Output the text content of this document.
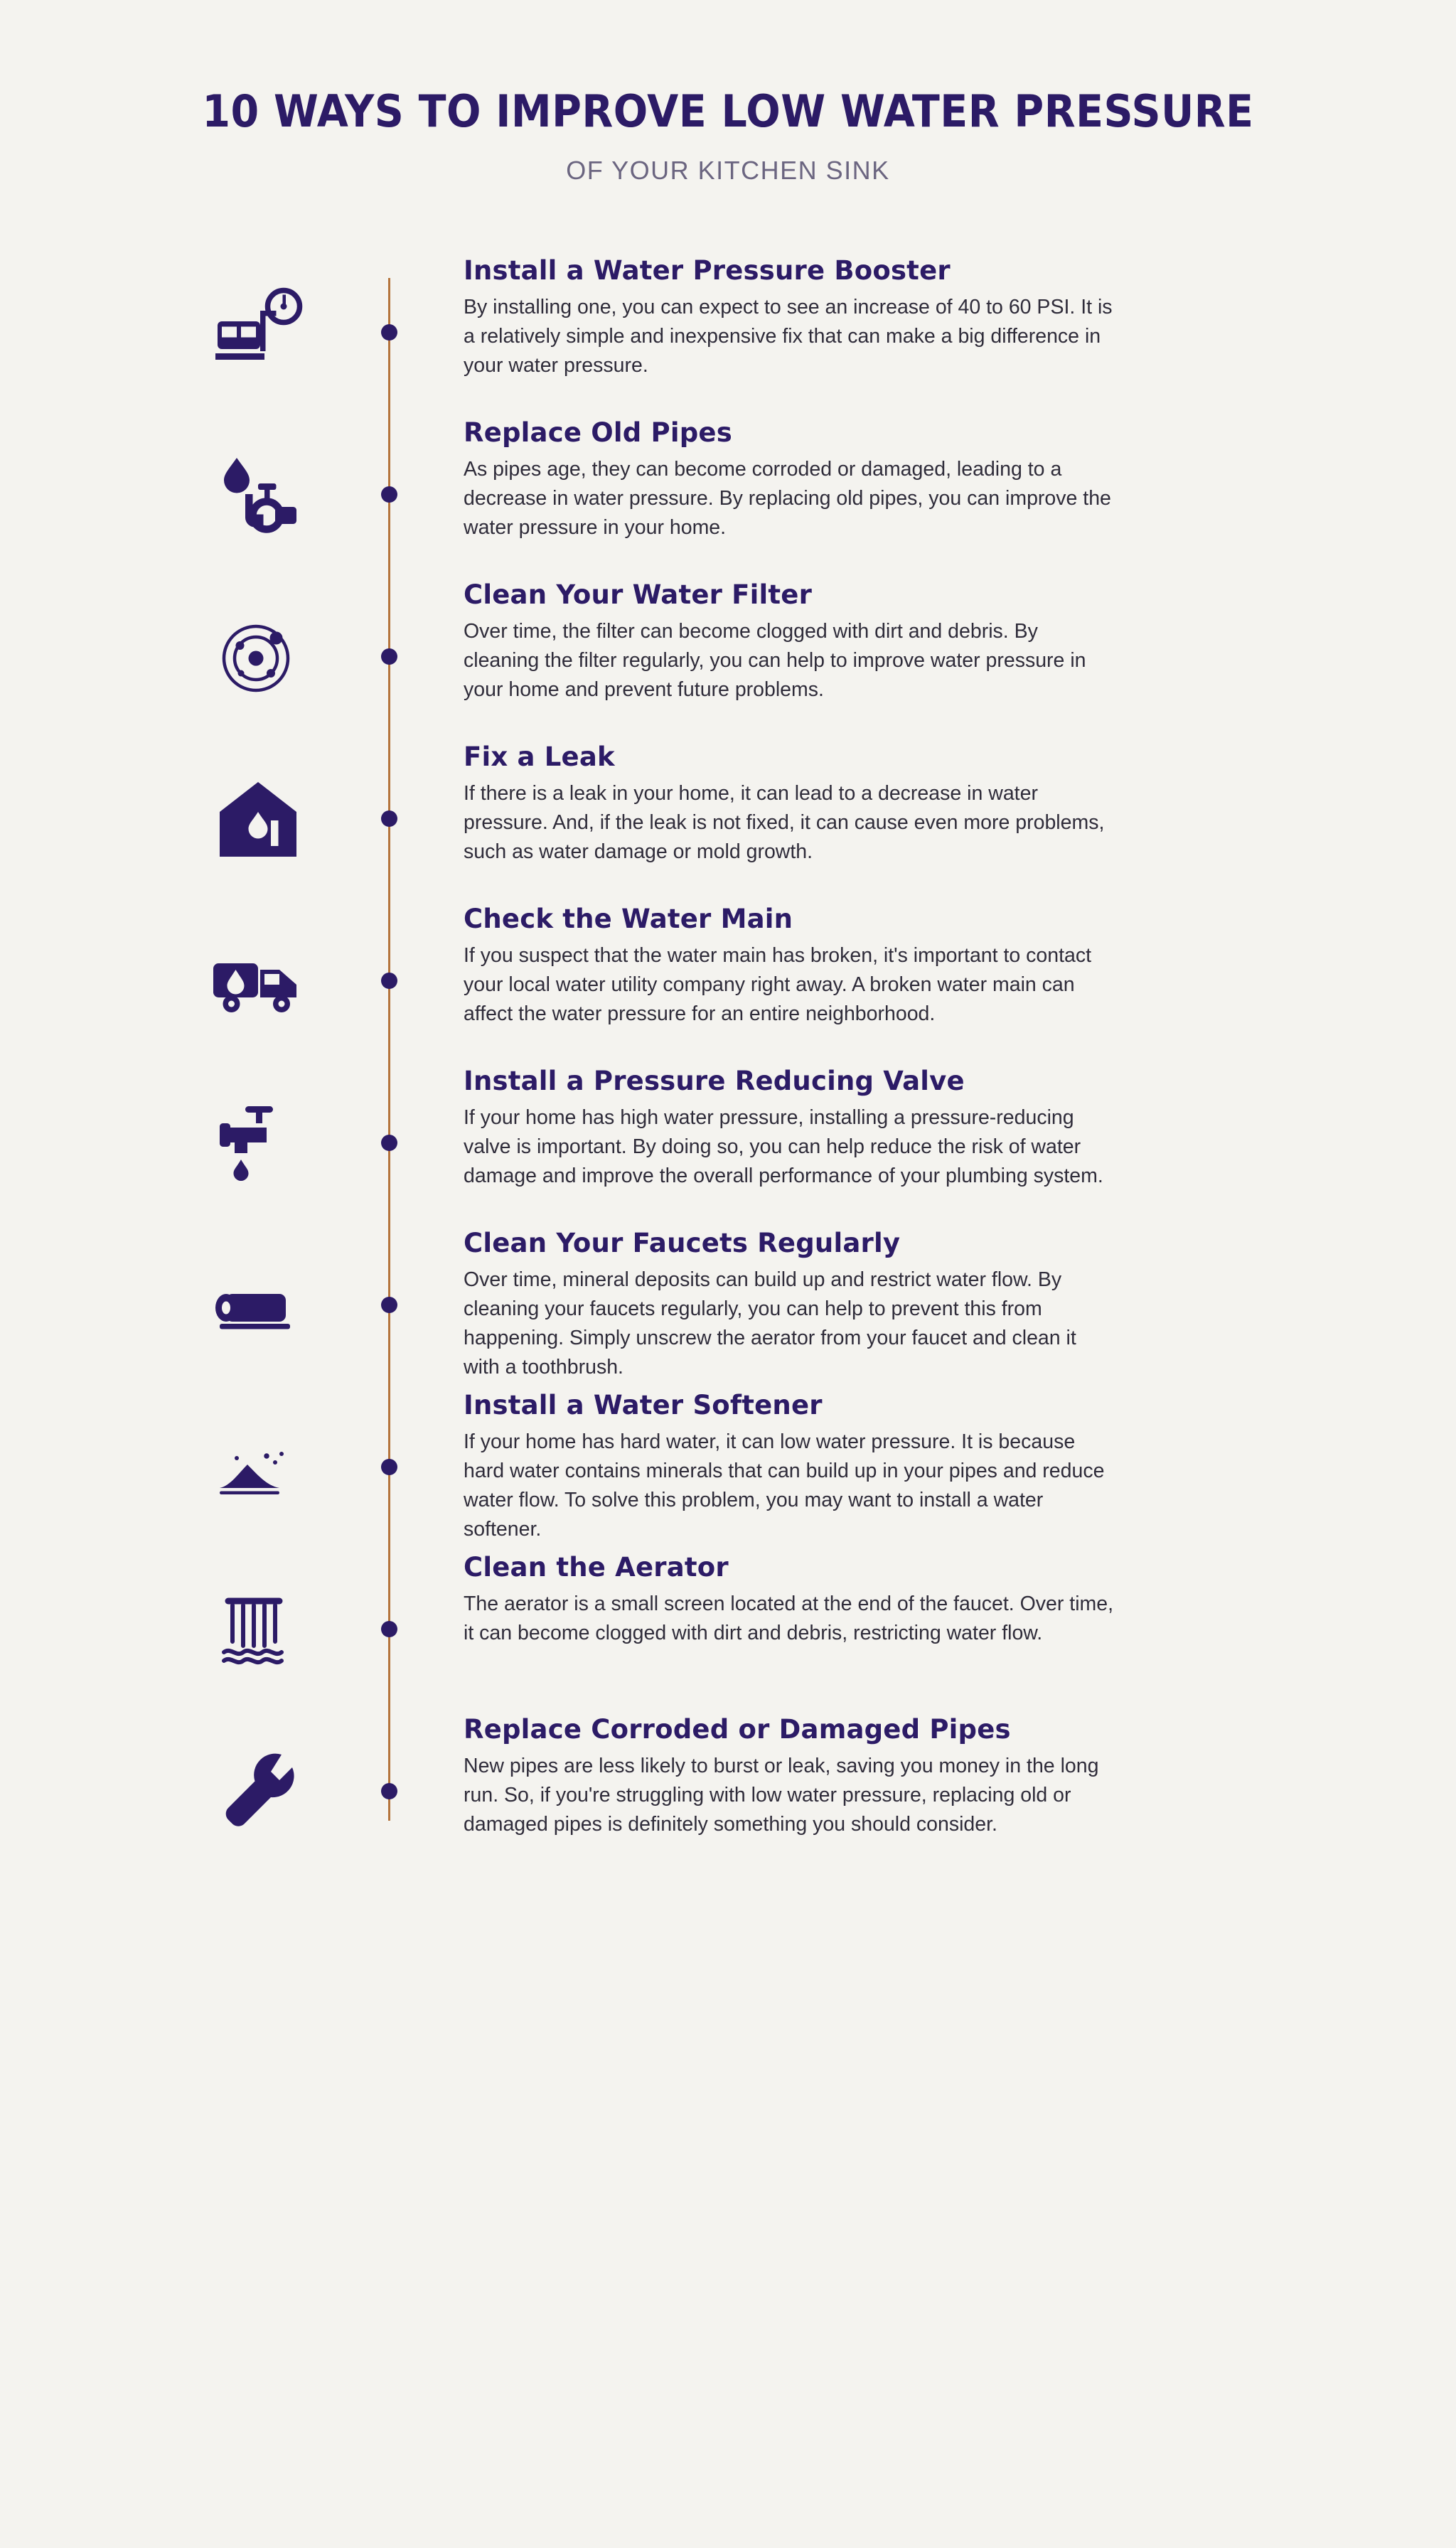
10 WAYS TO IMPROVE LOW WATER PRESSURE
OF YOUR KITCHEN SINK
Install a Water Pressure Booster

By installing one, you can expect to see an increase of 40 to 60 PSI. It is a relatively simple and inexpensive fix that can make a big difference in your water pressure.

Replace Old Pipes

As pipes age, they can become corroded or damaged, leading to a decrease in water pressure. By replacing old pipes, you can improve the water pressure in your home.

Clean Your Water Filter

Over time, the filter can become clogged with dirt and debris. By cleaning the filter regularly, you can help to improve water pressure in your home and prevent future problems.

Fix a Leak

If there is a leak in your home, it can lead to a decrease in water pressure. And, if the leak is not fixed, it can cause even more problems, such as water damage or mold growth.

Check the Water Main

If you suspect that the water main has broken, it's important to contact your local water utility company right away. A broken water main can affect the water pressure for an entire neighborhood.

Install a Pressure Reducing Valve

If your home has high water pressure, installing a pressure-reducing valve is important. By doing so, you can help reduce the risk of water damage and improve the overall performance of your plumbing system.

Clean Your Faucets Regularly

Over time, mineral deposits can build up and restrict water flow. By cleaning your faucets regularly, you can help to prevent this from happening. Simply unscrew the aerator from your faucet and clean it with a toothbrush.

Install a Water Softener

If your home has hard water, it can low water pressure. It is because hard water contains minerals that can build up in your pipes and reduce water flow. To solve this problem, you may want to install a water softener.

Clean the Aerator

The aerator is a small screen located at the end of the faucet. Over time, it can become clogged with dirt and debris, restricting water flow.

Replace Corroded or Damaged Pipes

New pipes are less likely to burst or leak, saving you money in the long run. So, if you're struggling with low water pressure, replacing old or damaged pipes is definitely something you should consider.
